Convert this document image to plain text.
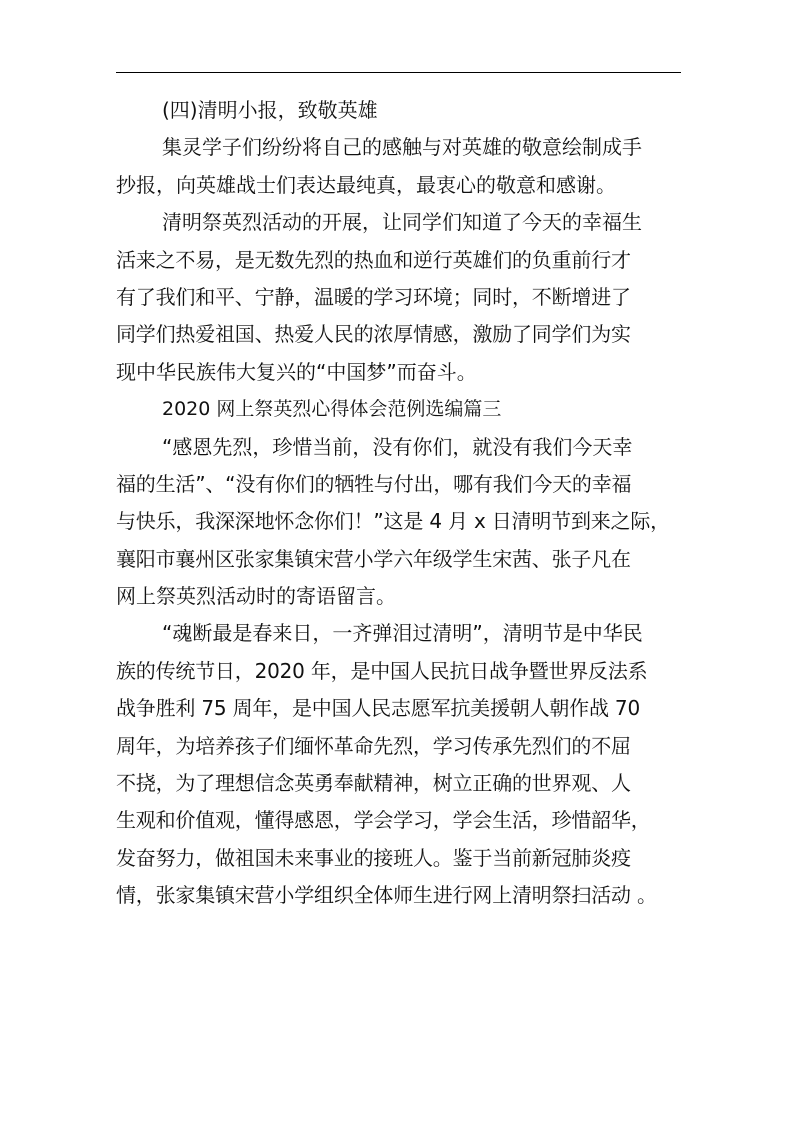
(四)清明小报，致敬英雄
集灵学子们纷纷将自己的感触与对英雄的敬意绘制成手
抄报，向英雄战士们表达最纯真，最衷心的敬意和感谢。
清明祭英烈活动的开展，让同学们知道了今天的幸福生
活来之不易，是无数先烈的热血和逆行英雄们的负重前行才
有了我们和平、宁静，温暖的学习环境；同时，不断增进了
同学们热爱祖国、热爱人民的浓厚情感，激励了同学们为实
现中华民族伟大复兴的“中国梦”而奋斗。
2020 网上祭英烈心得体会范例选编篇三
“感恩先烈，珍惜当前，没有你们，就没有我们今天幸
福的生活”、“没有你们的牺牲与付出，哪有我们今天的幸福
与快乐，我深深地怀念你们！”这是 4 月 x 日清明节到来之际，
襄阳市襄州区张家集镇宋营小学六年级学生宋茜、张子凡在
网上祭英烈活动时的寄语留言。
“魂断最是春来日，一齐弹泪过清明”，清明节是中华民
族的传统节日，2020 年，是中国人民抗日战争暨世界反法系
战争胜利 75 周年，是中国人民志愿军抗美援朝人朝作战 70
周年，为培养孩子们缅怀革命先烈，学习传承先烈们的不屈
不挠，为了理想信念英勇奉献精神，树立正确的世界观、人
生观和价值观，懂得感恩，学会学习，学会生活，珍惜韶华，
发奋努力，做祖国未来事业的接班人。鉴于当前新冠肺炎疫
情，张家集镇宋营小学组织全体师生进行网上清明祭扫活动 。
